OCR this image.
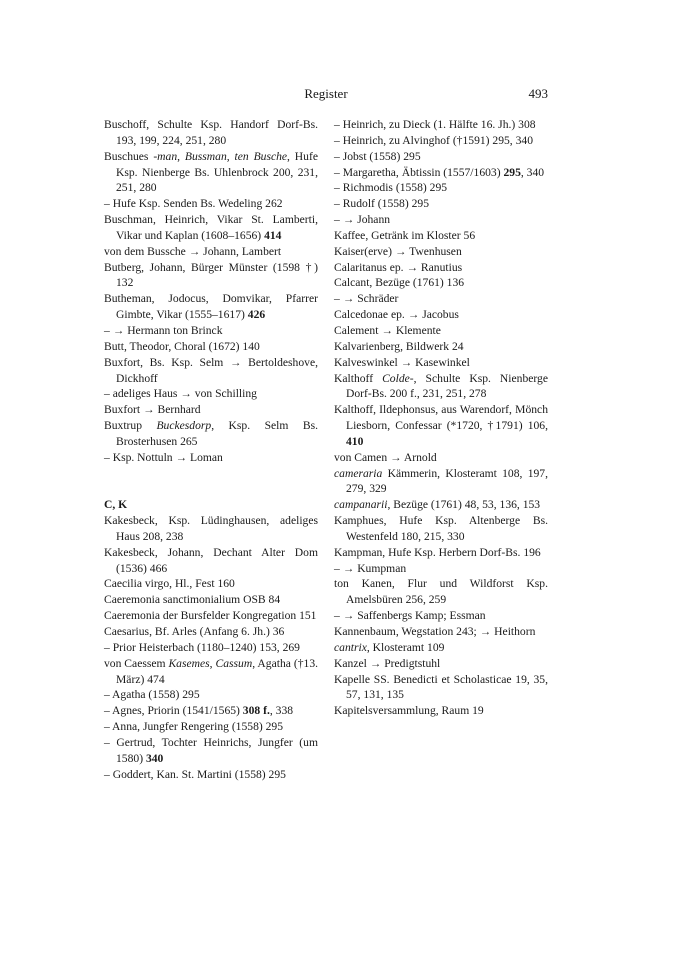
Register	493
Buschoff, Schulte Ksp. Handorf Dorf-Bs. 193, 199, 224, 251, 280
Buschues -man, Bussman, ten Busche, Hufe Ksp. Nienberge Bs. Uhlenbrock 200, 231, 251, 280
– Hufe Ksp. Senden Bs. Wedeling 262
Buschman, Heinrich, Vikar St. Lamberti, Vikar und Kaplan (1608–1656) 414
von dem Bussche → Johann, Lambert
Butberg, Johann, Bürger Münster (1598 †) 132
Butheman, Jodocus, Domvikar, Pfarrer Gimbte, Vikar (1555–1617) 426
– → Hermann ton Brinck
Butt, Theodor, Choral (1672) 140
Buxfort, Bs. Ksp. Selm → Bertoldeshove, Dickhoff
– adeliges Haus → von Schilling
Buxfort → Bernhard
Buxtrup Buckesdorp, Ksp. Selm Bs. Brosterhusen 265
– Ksp. Nottuln → Loman
C, K
Kakesbeck, Ksp. Lüdinghausen, adeliges Haus 208, 238
Kakesbeck, Johann, Dechant Alter Dom (1536) 466
Caecilia virgo, Hl., Fest 160
Caeremonia sanctimonialium OSB 84
Caeremonia der Bursfelder Kongregation 151
Caesarius, Bf. Arles (Anfang 6. Jh.) 36
– Prior Heisterbach (1180–1240) 153, 269
von Caessem Kasemes, Cassum, Agatha (†13. März) 474
– Agatha (1558) 295
– Agnes, Priorin (1541/1565) 308 f., 338
– Anna, Jungfer Rengering (1558) 295
– Gertrud, Tochter Heinrichs, Jungfer (um 1580) 340
– Goddert, Kan. St. Martini (1558) 295
– Heinrich, zu Dieck (1. Hälfte 16. Jh.) 308
– Heinrich, zu Alvinghof (†1591) 295, 340
– Jobst (1558) 295
– Margaretha, Äbtissin (1557/1603) 295, 340
– Richmodis (1558) 295
– Rudolf (1558) 295
– → Johann
Kaffee, Getränk im Kloster 56
Kaiser(erve) → Twenhusen
Calaritanus ep. → Ranutius
Calcant, Bezüge (1761) 136
– → Schräder
Calcedonae ep. → Jacobus
Calement → Klemente
Kalvarienberg, Bildwerk 24
Kalveswinkel → Kasewinkel
Kalthoff Colde-, Schulte Ksp. Nienberge Dorf-Bs. 200 f., 231, 251, 278
Kalthoff, Ildephonsus, aus Warendorf, Mönch Liesborn, Confessar (*1720, †1791) 106, 410
von Camen → Arnold
cameraria Kämmerin, Klosteramt 108, 197, 279, 329
campanarii, Bezüge (1761) 48, 53, 136, 153
Kamphues, Hufe Ksp. Altenberge Bs. Westenfeld 180, 215, 330
Kampman, Hufe Ksp. Herbern Dorf-Bs. 196
– → Kumpman
ton Kanen, Flur und Wildforst Ksp. Amelsbüren 256, 259
– → Saffenbergs Kamp; Essman
Kannenbaum, Wegstation 243; → Heithorn
cantrix, Klosteramt 109
Kanzel → Predigtstuhl
Kapelle SS. Benedicti et Scholasticae 19, 35, 57, 131, 135
Kapitelsversammlung, Raum 19
